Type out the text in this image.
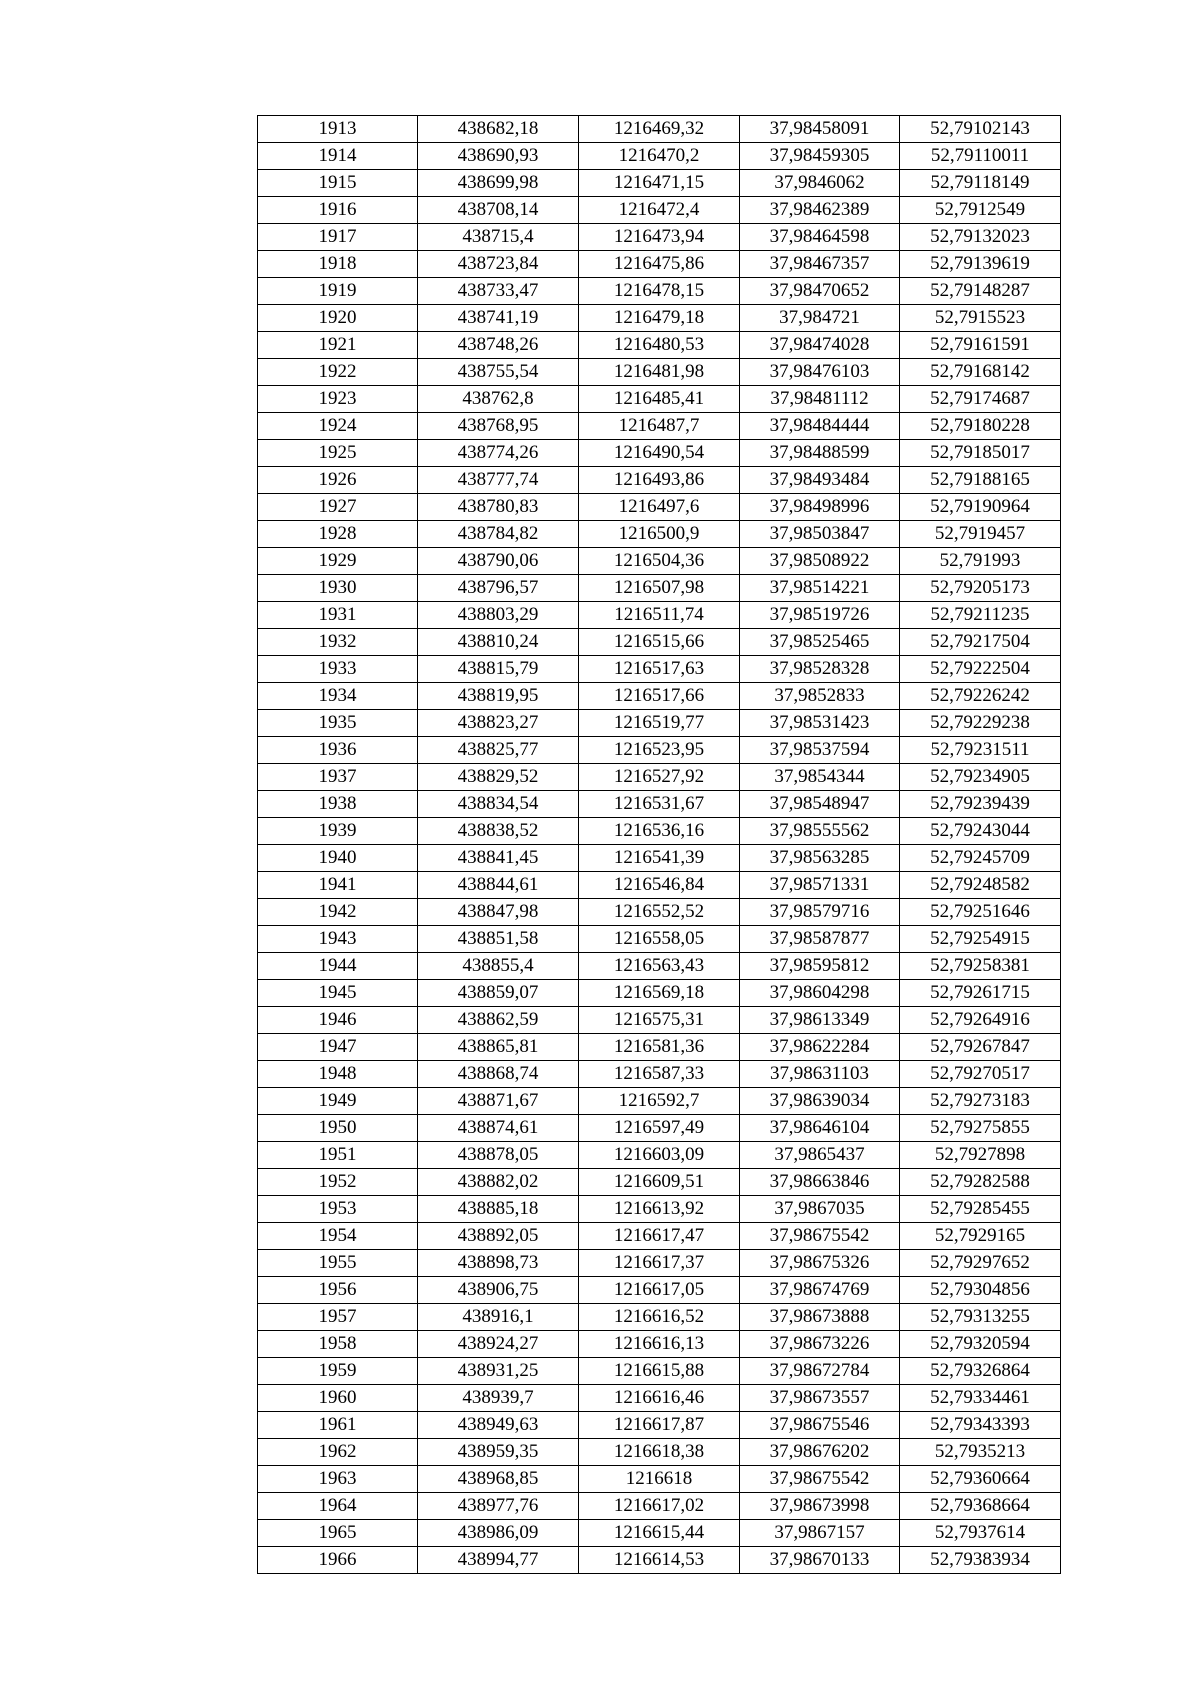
1913	438682,18	1216469,32	37,98458091	52,79102143
1914	438690,93	1216470,2	37,98459305	52,79110011
1915	438699,98	1216471,15	37,9846062	52,79118149
1916	438708,14	1216472,4	37,98462389	52,7912549
1917	438715,4	1216473,94	37,98464598	52,79132023
1918	438723,84	1216475,86	37,98467357	52,79139619
1919	438733,47	1216478,15	37,98470652	52,79148287
1920	438741,19	1216479,18	37,984721	52,7915523
1921	438748,26	1216480,53	37,98474028	52,79161591
1922	438755,54	1216481,98	37,98476103	52,79168142
1923	438762,8	1216485,41	37,98481112	52,79174687
1924	438768,95	1216487,7	37,98484444	52,79180228
1925	438774,26	1216490,54	37,98488599	52,79185017
1926	438777,74	1216493,86	37,98493484	52,79188165
1927	438780,83	1216497,6	37,98498996	52,79190964
1928	438784,82	1216500,9	37,98503847	52,7919457
1929	438790,06	1216504,36	37,98508922	52,791993
1930	438796,57	1216507,98	37,98514221	52,79205173
1931	438803,29	1216511,74	37,98519726	52,79211235
1932	438810,24	1216515,66	37,98525465	52,79217504
1933	438815,79	1216517,63	37,98528328	52,79222504
1934	438819,95	1216517,66	37,9852833	52,79226242
1935	438823,27	1216519,77	37,98531423	52,79229238
1936	438825,77	1216523,95	37,98537594	52,79231511
1937	438829,52	1216527,92	37,9854344	52,79234905
1938	438834,54	1216531,67	37,98548947	52,79239439
1939	438838,52	1216536,16	37,98555562	52,79243044
1940	438841,45	1216541,39	37,98563285	52,79245709
1941	438844,61	1216546,84	37,98571331	52,79248582
1942	438847,98	1216552,52	37,98579716	52,79251646
1943	438851,58	1216558,05	37,98587877	52,79254915
1944	438855,4	1216563,43	37,98595812	52,79258381
1945	438859,07	1216569,18	37,98604298	52,79261715
1946	438862,59	1216575,31	37,98613349	52,79264916
1947	438865,81	1216581,36	37,98622284	52,79267847
1948	438868,74	1216587,33	37,98631103	52,79270517
1949	438871,67	1216592,7	37,98639034	52,79273183
1950	438874,61	1216597,49	37,98646104	52,79275855
1951	438878,05	1216603,09	37,9865437	52,7927898
1952	438882,02	1216609,51	37,98663846	52,79282588
1953	438885,18	1216613,92	37,9867035	52,79285455
1954	438892,05	1216617,47	37,98675542	52,7929165
1955	438898,73	1216617,37	37,98675326	52,79297652
1956	438906,75	1216617,05	37,98674769	52,79304856
1957	438916,1	1216616,52	37,98673888	52,79313255
1958	438924,27	1216616,13	37,98673226	52,79320594
1959	438931,25	1216615,88	37,98672784	52,79326864
1960	438939,7	1216616,46	37,98673557	52,79334461
1961	438949,63	1216617,87	37,98675546	52,79343393
1962	438959,35	1216618,38	37,98676202	52,7935213
1963	438968,85	1216618	37,98675542	52,79360664
1964	438977,76	1216617,02	37,98673998	52,79368664
1965	438986,09	1216615,44	37,9867157	52,7937614
1966	438994,77	1216614,53	37,98670133	52,79383934
